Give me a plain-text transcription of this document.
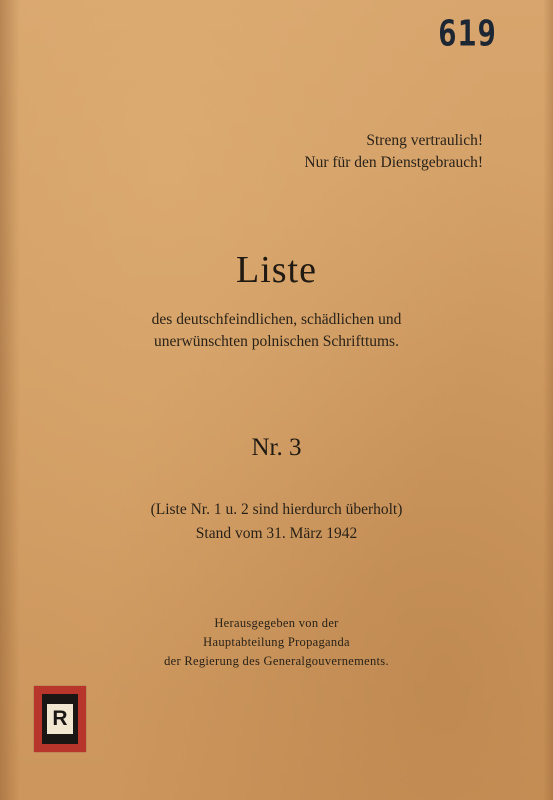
619
Streng vertraulich!
Nur für den Dienstgebrauch!
Liste
des deutschfeindlichen, schädlichen und
unerwünschten polnischen Schrifttums.
Nr. 3
(Liste Nr. 1 u. 2 sind hierdurch überholt)
Stand vom 31. März 1942
Herausgegeben von der
Hauptabteilung Propaganda
der Regierung des Generalgouvernements.
R
